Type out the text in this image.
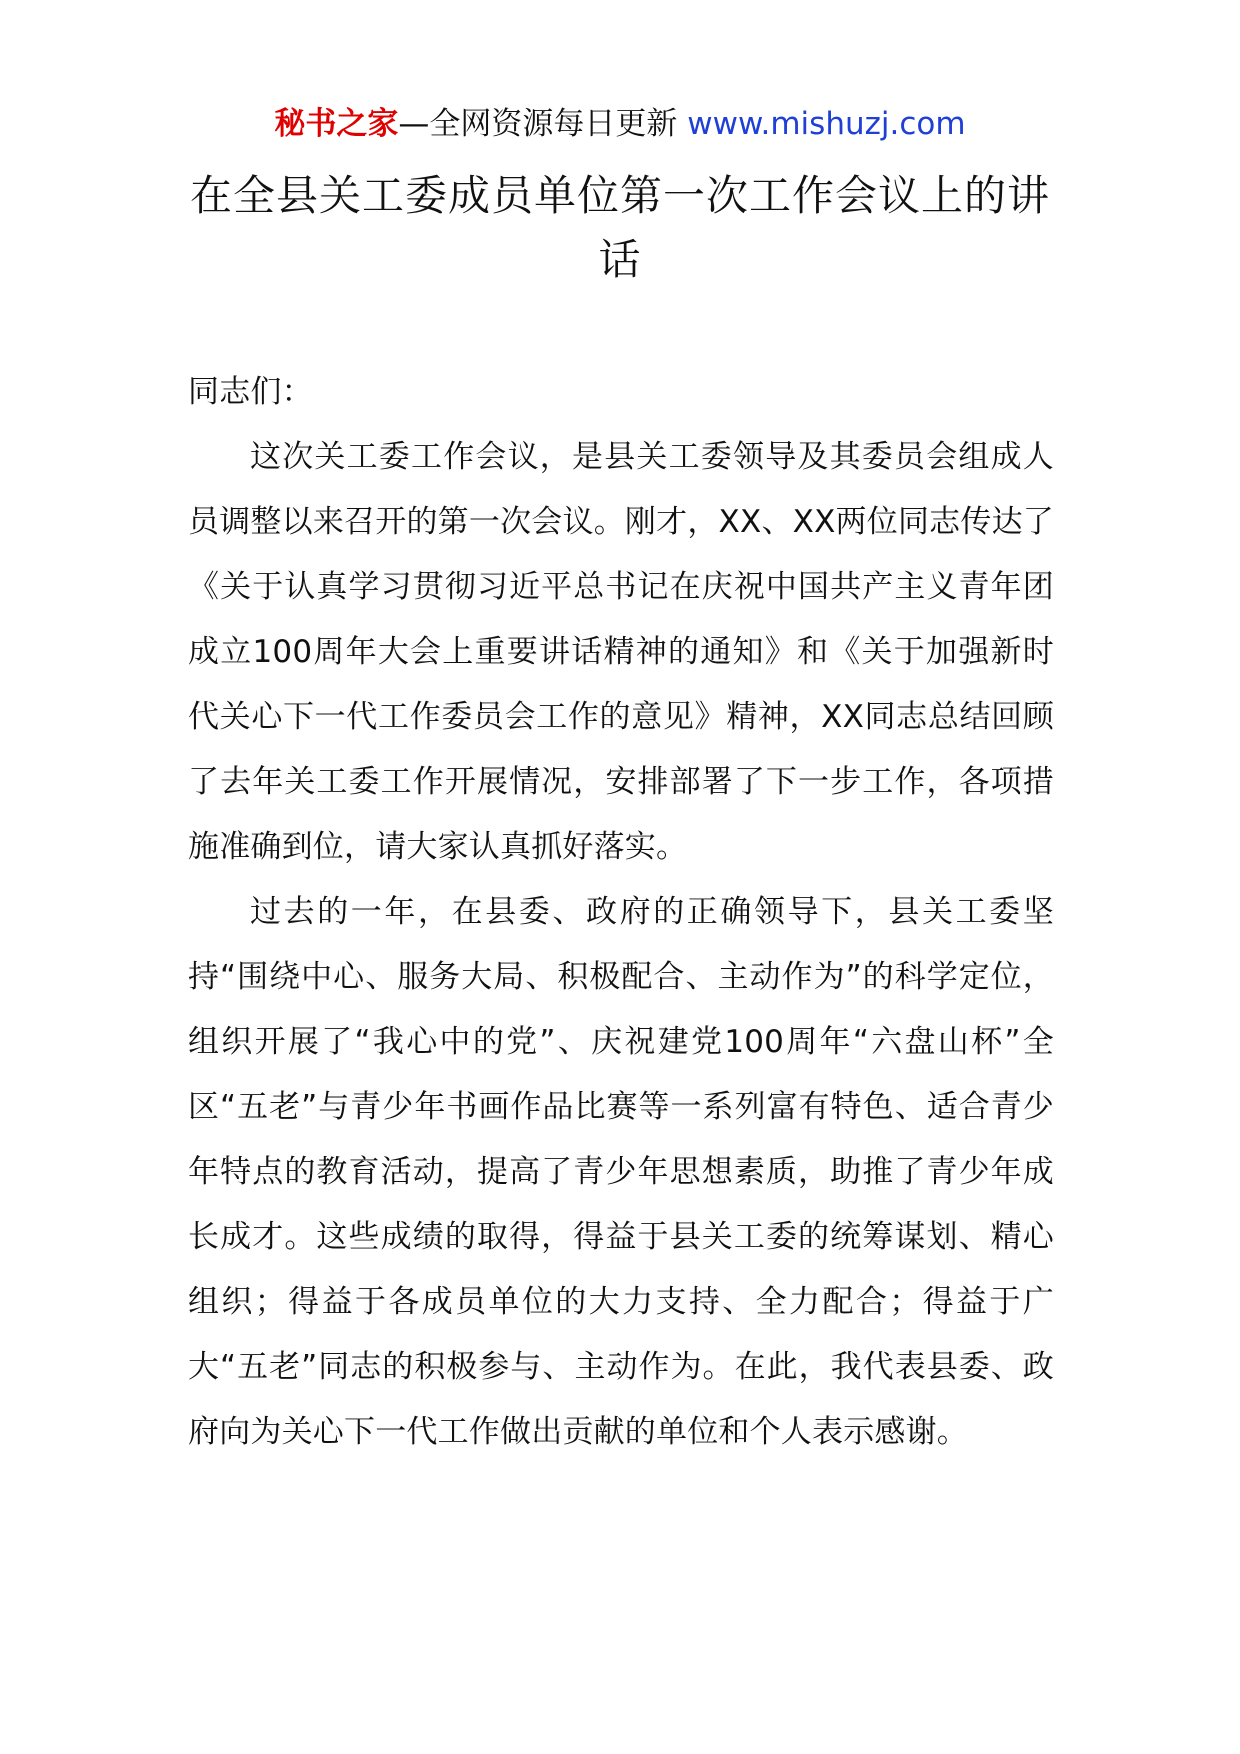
秘书之家—全网资源每日更新 www.mishuzj.com
在全县关工委成员单位第一次工作会议上的讲话

同志们：

这次关工委工作会议，是县关工委领导及其委员会组成人员调整以来召开的第一次会议。刚才，XX、XX两位同志传达了《关于认真学习贯彻习近平总书记在庆祝中国共产主义青年团成立100周年大会上重要讲话精神的通知》和《关于加强新时代关心下一代工作委员会工作的意见》精神，XX同志总结回顾了去年关工委工作开展情况，安排部署了下一步工作，各项措施准确到位，请大家认真抓好落实。

过去的一年，在县委、政府的正确领导下，县关工委坚持“围绕中心、服务大局、积极配合、主动作为”的科学定位，组织开展了“我心中的党”、庆祝建党100周年“六盘山杯”全区“五老”与青少年书画作品比赛等一系列富有特色、适合青少年特点的教育活动，提高了青少年思想素质，助推了青少年成长成才。这些成绩的取得，得益于县关工委的统筹谋划、精心组织；得益于各成员单位的大力支持、全力配合；得益于广大“五老”同志的积极参与、主动作为。在此，我代表县委、政府向为关心下一代工作做出贡献的单位和个人表示感谢。
